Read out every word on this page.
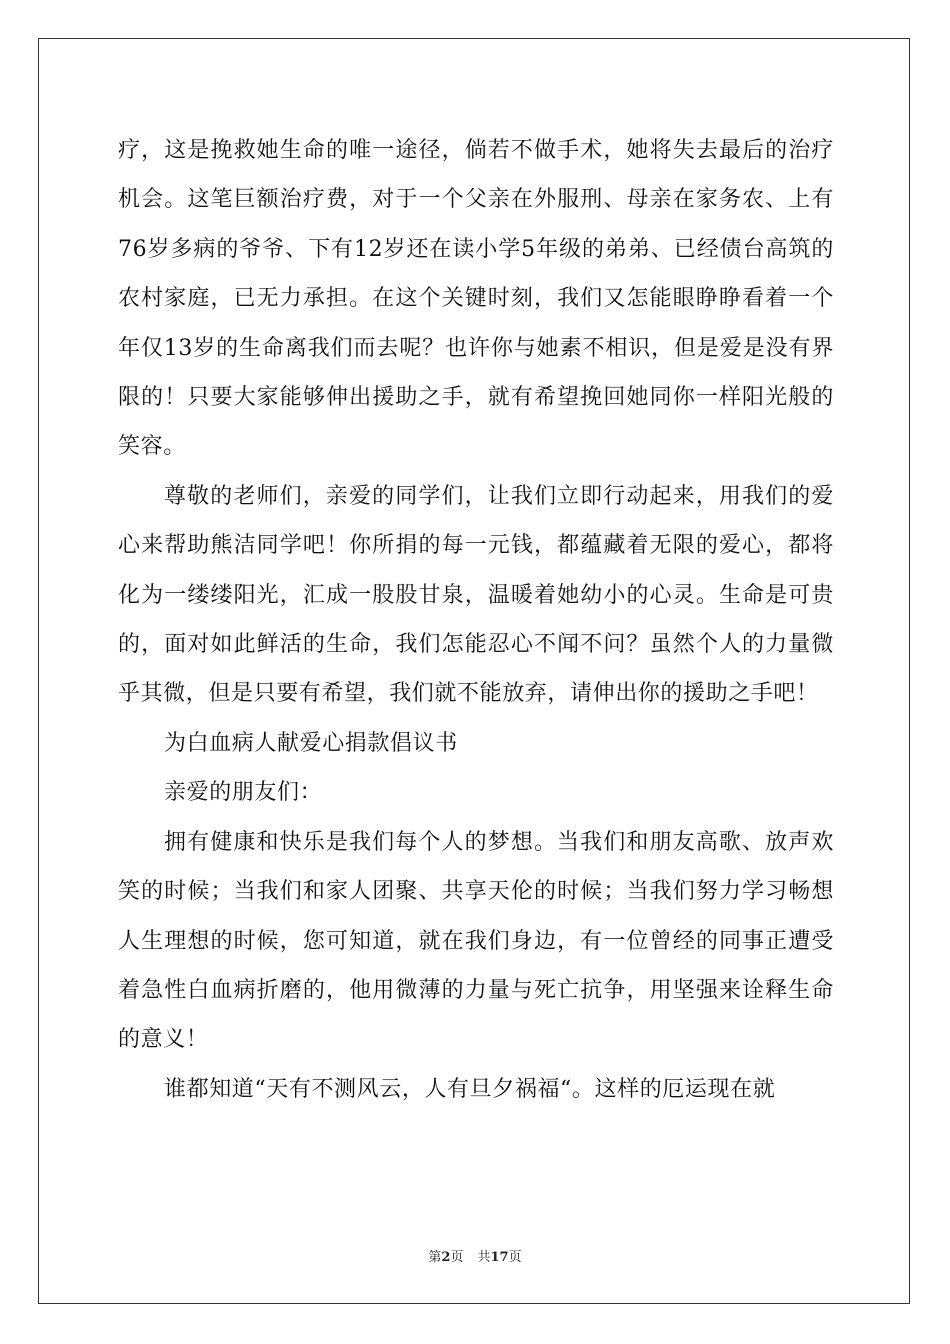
疗，这是挽救她生命的唯一途径，倘若不做手术，她将失去最后的治疗机会。这笔巨额治疗费，对于一个父亲在外服刑、母亲在家务农、上有76岁多病的爷爷、下有12岁还在读小学5年级的弟弟、已经债台高筑的农村家庭，已无力承担。在这个关键时刻，我们又怎能眼睁睁看着一个年仅13岁的生命离我们而去呢？也许你与她素不相识，但是爱是没有界限的！只要大家能够伸出援助之手，就有希望挽回她同你一样阳光般的笑容。

尊敬的老师们，亲爱的同学们，让我们立即行动起来，用我们的爱心来帮助熊洁同学吧！你所捐的每一元钱，都蕴藏着无限的爱心，都将化为一缕缕阳光，汇成一股股甘泉，温暖着她幼小的心灵。生命是可贵的，面对如此鲜活的生命，我们怎能忍心不闻不问？虽然个人的力量微乎其微，但是只要有希望，我们就不能放弃，请伸出你的援助之手吧！

为白血病人献爱心捐款倡议书

亲爱的朋友们：

拥有健康和快乐是我们每个人的梦想。当我们和朋友高歌、放声欢笑的时候；当我们和家人团聚、共享天伦的时候；当我们努力学习畅想人生理想的时候，您可知道，就在我们身边，有一位曾经的同事正遭受着急性白血病折磨的，他用微薄的力量与死亡抗争，用坚强来诠释生命的意义！

谁都知道“天有不测风云，人有旦夕祸福“。这样的厄运现在就

第2页 共17页
